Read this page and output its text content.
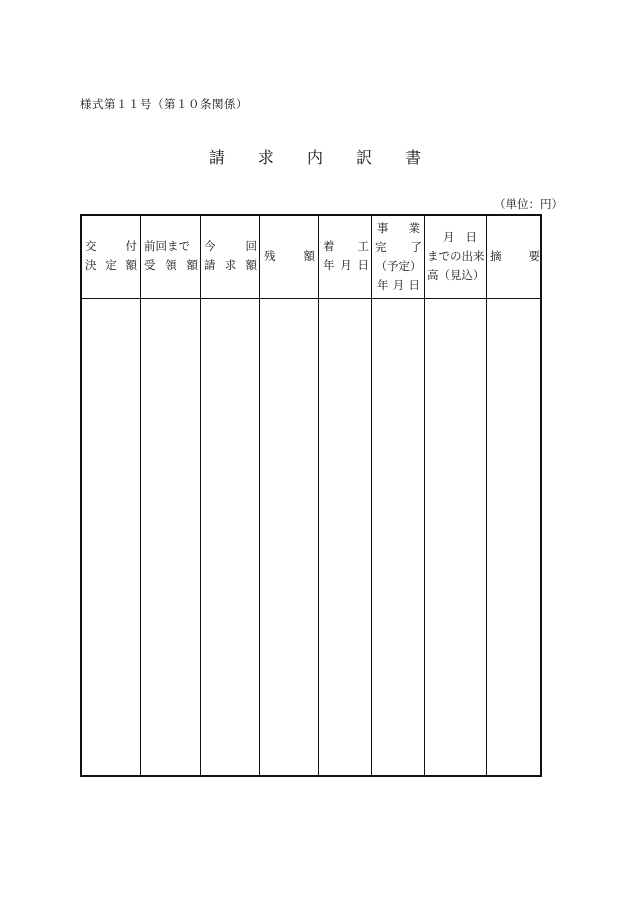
様式第１１号（第１０条関係）
請 求 内 訳 書
（単位：円）
交	付
決 定 額
前回まで
受 領 額
今	回
請 求 額
残 額
着 工
年 月 日
事 業
完 了
（予定）
年 月 日
月 日
までの出来
高（見込）
摘 要
